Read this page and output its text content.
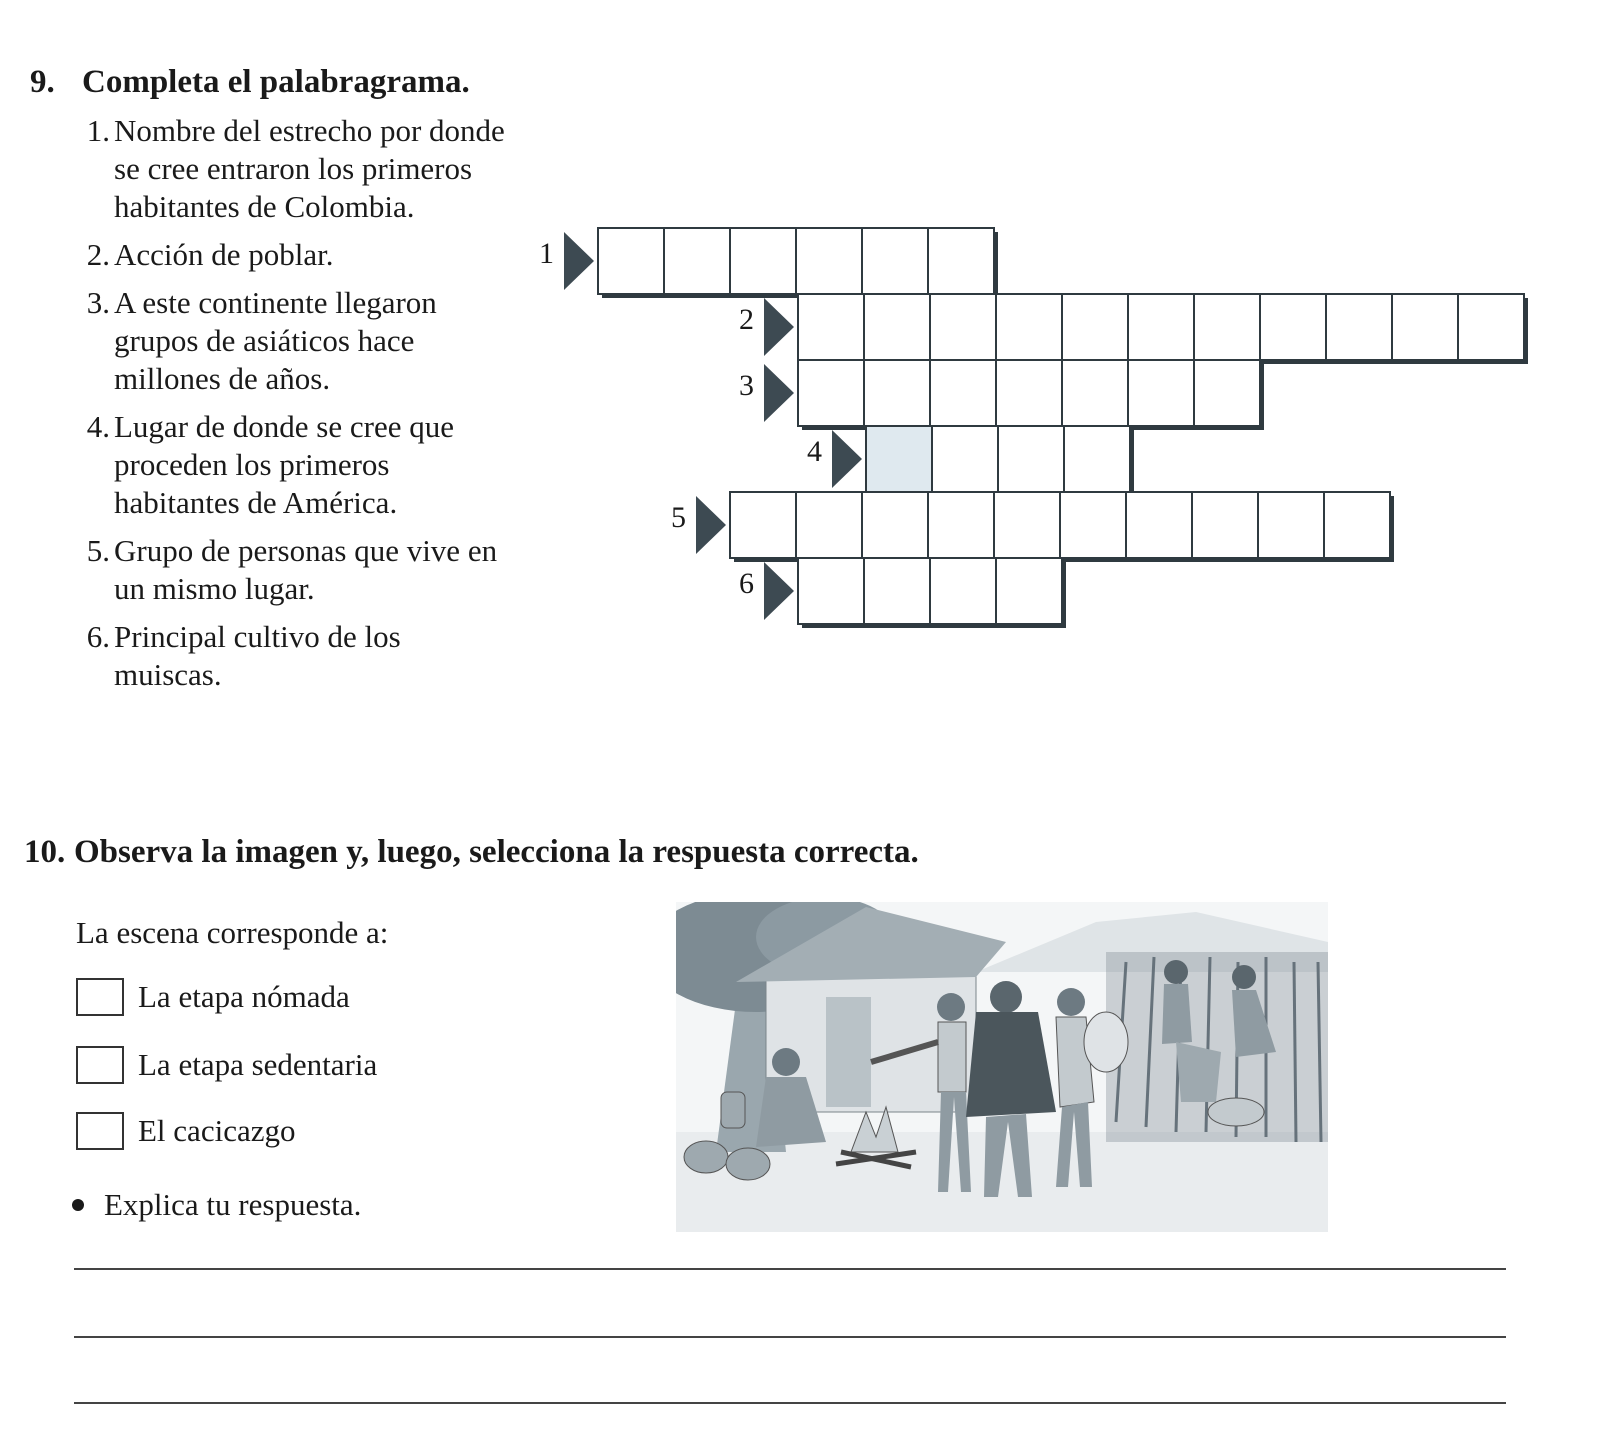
9. Completa el palabragrama.
1. Nombre del estrecho por donde se cree entraron los primeros habitantes de Colombia.
2. Acción de poblar.
3. A este continente llegaron grupos de asiáticos hace millones de años.
4. Lugar de donde se cree que proceden los primeros habitantes de América.
5. Grupo de personas que vive en un mismo lugar.
6. Principal cultivo de los muiscas.
1
2
3
4
5
6
10. Observa la imagen y, luego, selecciona la respuesta correcta.
La escena corresponde a:
La etapa nómada
La etapa sedentaria
El cacicazgo
Explica tu respuesta.
